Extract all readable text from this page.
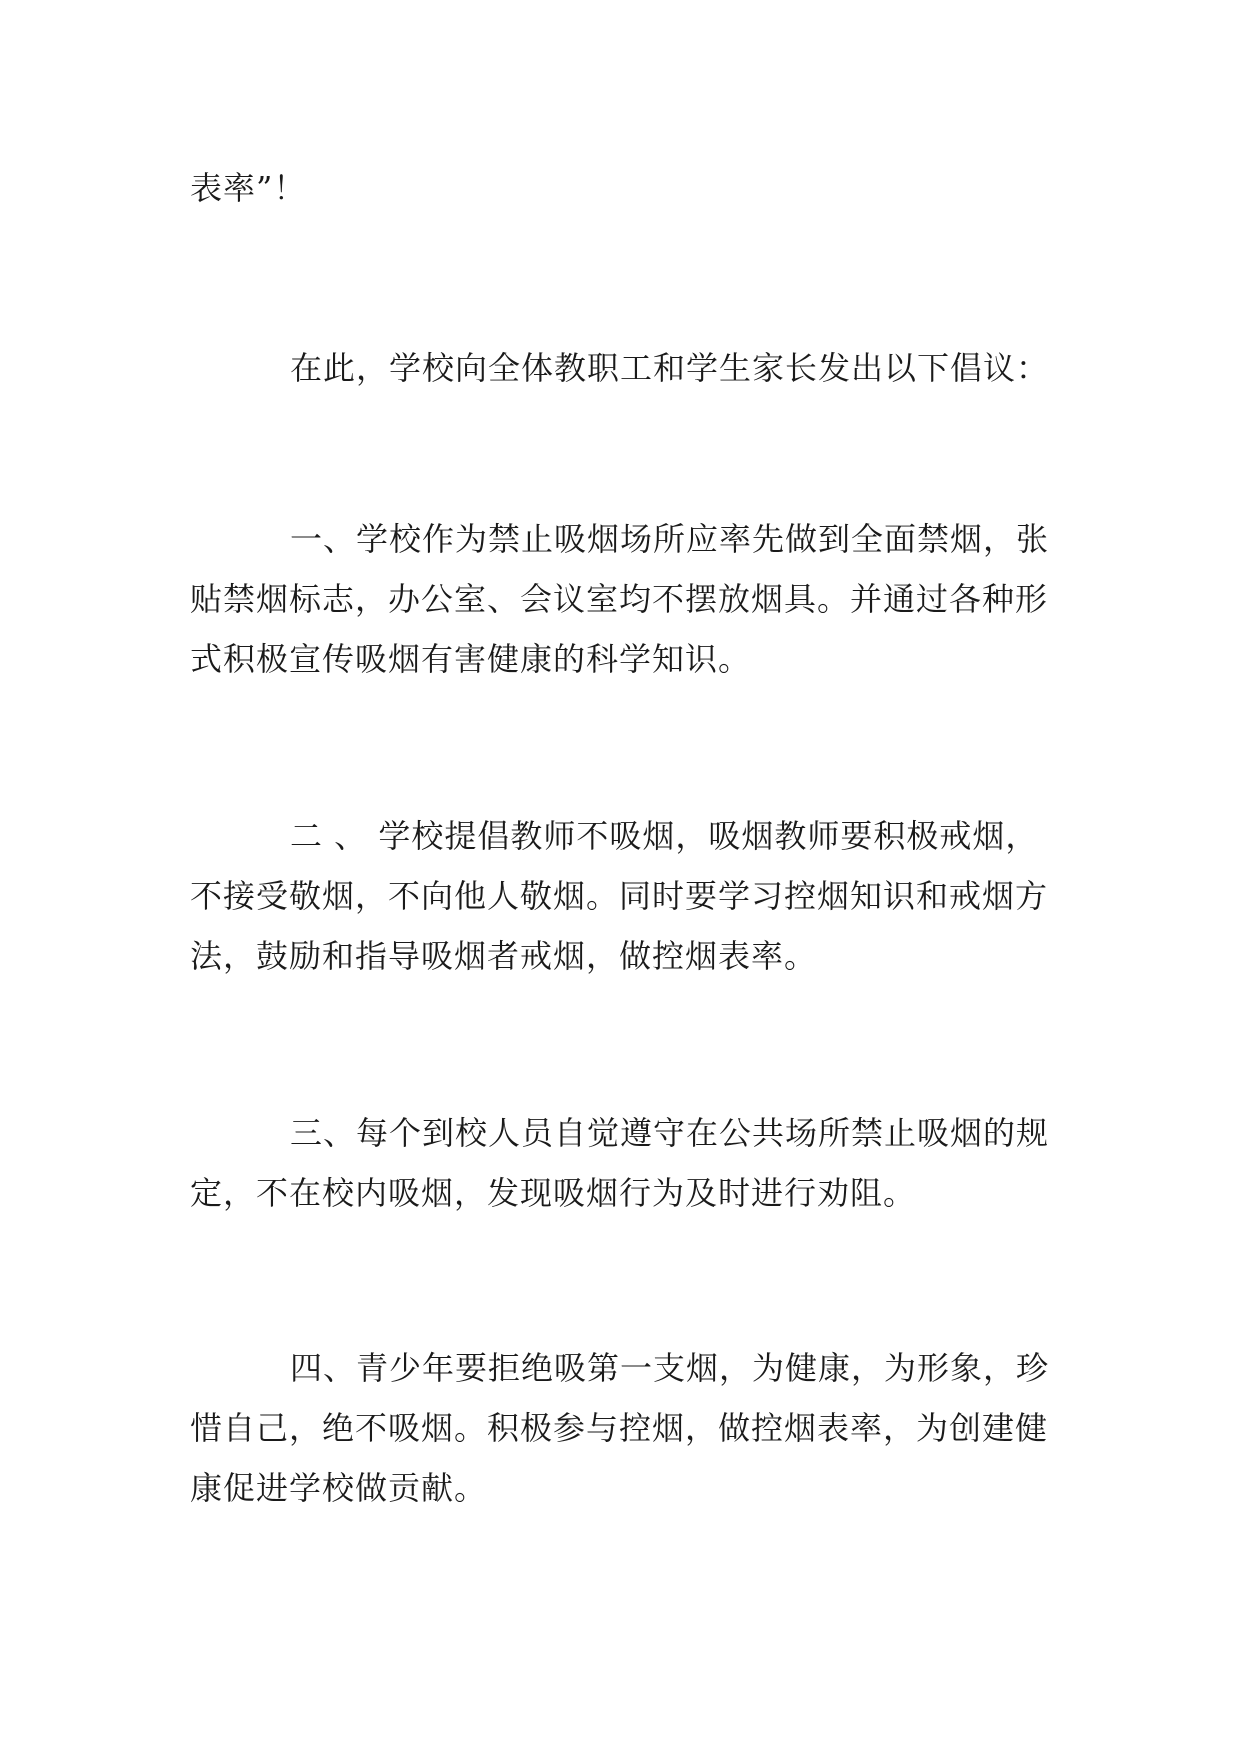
表率”！

在此，学校向全体教职工和学生家长发出以下倡议：

一、学校作为禁止吸烟场所应率先做到全面禁烟，张
贴禁烟标志，办公室、会议室均不摆放烟具。并通过各种形
式积极宣传吸烟有害健康的科学知识。

二 、 学校提倡教师不吸烟，吸烟教师要积极戒烟，
不接受敬烟，不向他人敬烟。同时要学习控烟知识和戒烟方
法，鼓励和指导吸烟者戒烟，做控烟表率。

三、每个到校人员自觉遵守在公共场所禁止吸烟的规
定，不在校内吸烟，发现吸烟行为及时进行劝阻。

四、青少年要拒绝吸第一支烟，为健康，为形象，珍
惜自己，绝不吸烟。积极参与控烟，做控烟表率，为创建健
康促进学校做贡献。
